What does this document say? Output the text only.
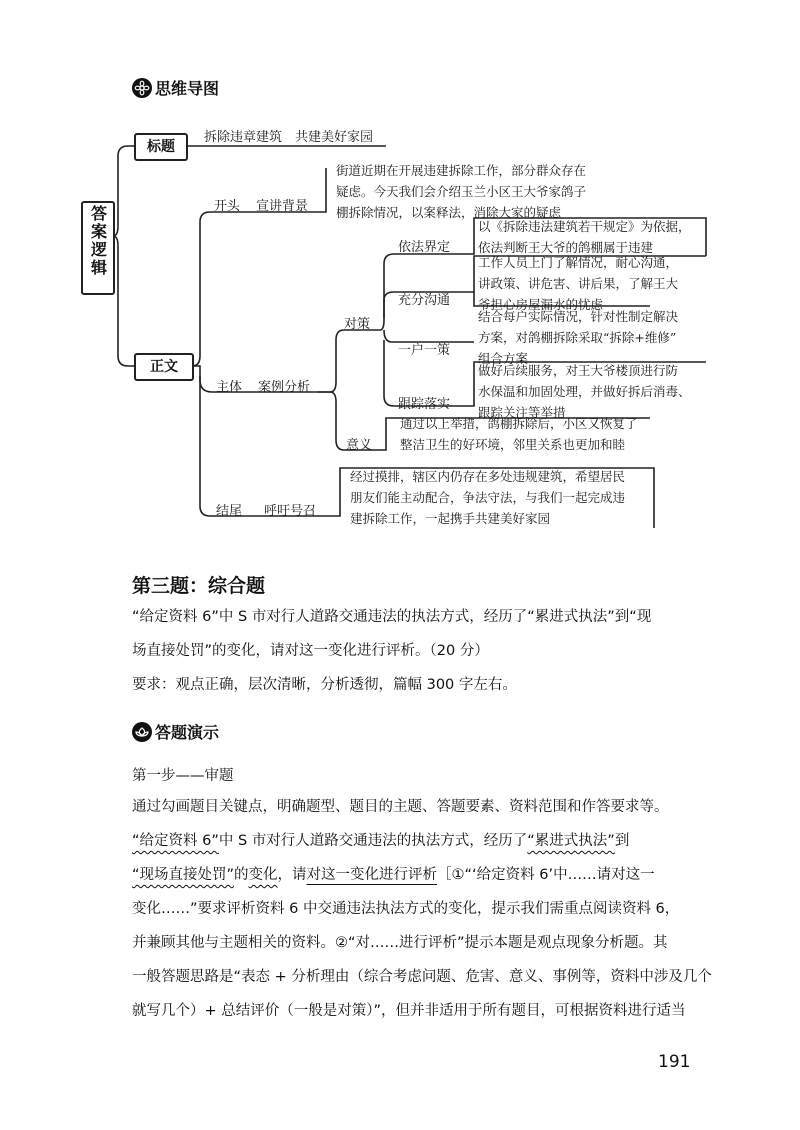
思维导图
答案逻辑
标题
拆除违章建筑　共建美好家园
正文
开头 宣讲背景
街道近期在开展违建拆除工作，部分群众存在
疑虑。今天我们会介绍玉兰小区王大爷家鸽子
棚拆除情况，以案释法，消除大家的疑虑
主体 案例分析
对策
依法界定
以《拆除违法建筑若干规定》为依据，
依法判断王大爷的鸽棚属于违建
充分沟通
工作人员上门了解情况，耐心沟通，
讲政策、讲危害、讲后果，了解王大
爷担心房屋漏水的忧虑
一户一策
结合每户实际情况，针对性制定解决
方案，对鸽棚拆除采取“拆除+维修”
组合方案
跟踪落实
做好后续服务，对王大爷楼顶进行防
水保温和加固处理，并做好拆后消毒、
跟踪关注等举措
意义
通过以上举措，鸽棚拆除后，小区又恢复了
整洁卫生的好环境，邻里关系也更加和睦
结尾 呼吁号召
经过摸排，辖区内仍存在多处违规建筑，希望居民
朋友们能主动配合，争法守法，与我们一起完成违
建拆除工作，一起携手共建美好家园
第三题：综合题
“给定资料 6”中 S 市对行人道路交通违法的执法方式，经历了“累进式执法”到“现
场直接处罚”的变化，请对这一变化进行评析。（20 分）
要求：观点正确，层次清晰，分析透彻，篇幅 300 字左右。
答题演示
第一步——审题
通过勾画题目关键点，明确题型、题目的主题、答题要素、资料范围和作答要求等。
“给定资料 6”中 S 市对行人道路交通违法的执法方式，经历了“累进式执法”到
“现场直接处罚”的变化，请对这一变化进行评析［①“‘给定资料 6’中……请对这一
变化……”要求评析资料 6 中交通违法执法方式的变化，提示我们需重点阅读资料 6，
并兼顾其他与主题相关的资料。②“对……进行评析”提示本题是观点现象分析题。其
一般答题思路是“表态 + 分析理由（综合考虑问题、危害、意义、事例等，资料中涉及几个
就写几个）+ 总结评价（一般是对策）”，但并非适用于所有题目，可根据资料进行适当
191
